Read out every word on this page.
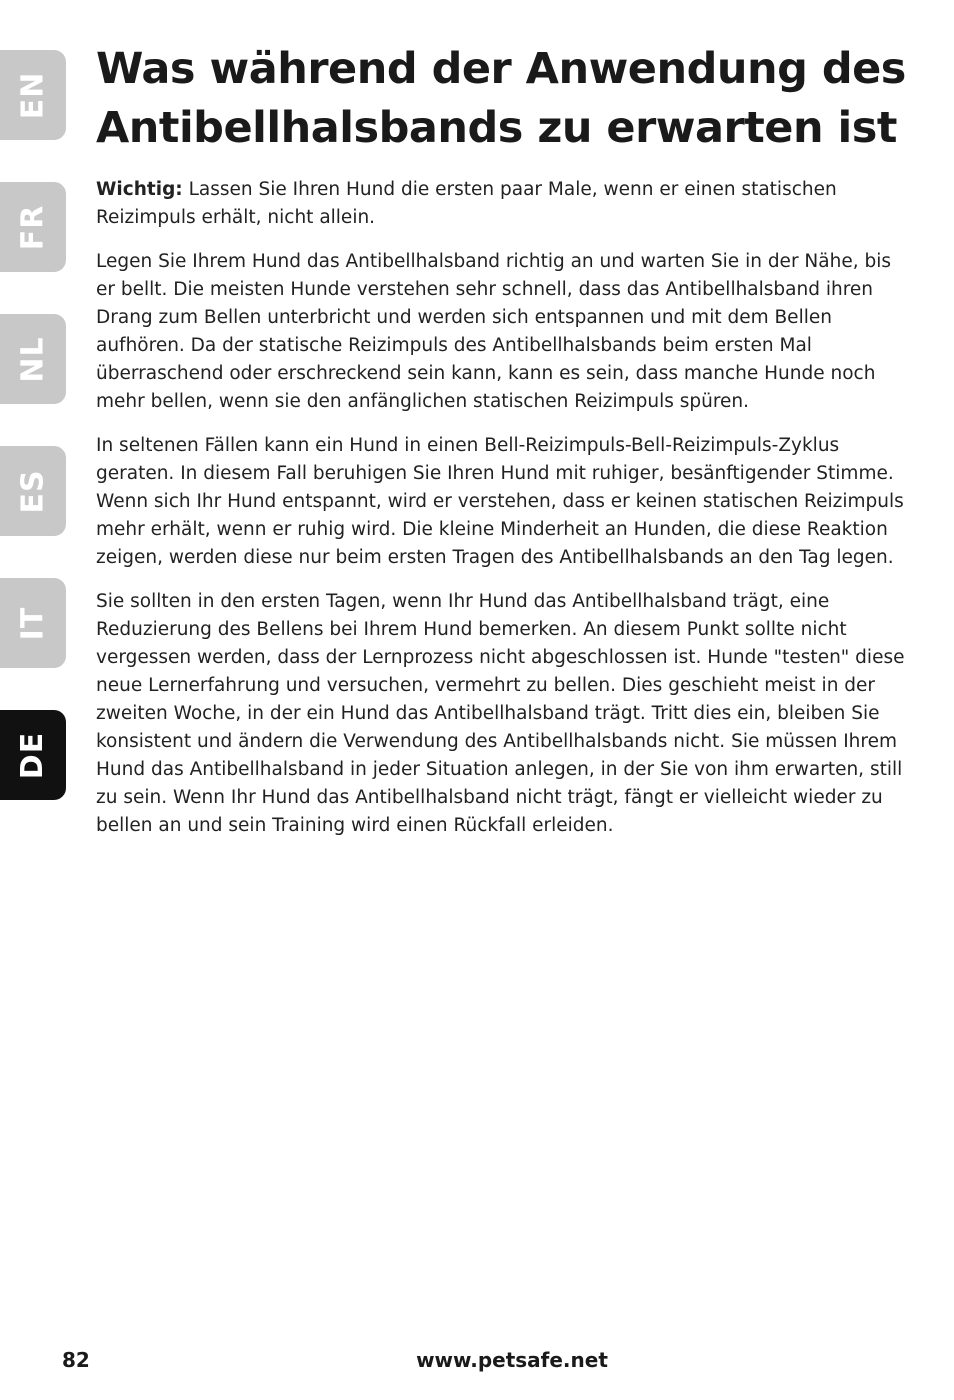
EN
FR
NL
ES
IT
DE
Was während der Anwendung des Antibellhalsbands zu erwarten ist

Wichtig: Lassen Sie Ihren Hund die ersten paar Male, wenn er einen statischen Reizimpuls erhält, nicht allein.

Legen Sie Ihrem Hund das Antibellhalsband richtig an und warten Sie in der Nähe, bis er bellt. Die meisten Hunde verstehen sehr schnell, dass das Antibellhalsband ihren Drang zum Bellen unterbricht und werden sich entspannen und mit dem Bellen aufhören. Da der statische Reizimpuls des Antibellhalsbands beim ersten Mal überraschend oder erschreckend sein kann, kann es sein, dass manche Hunde noch mehr bellen, wenn sie den anfänglichen statischen Reizimpuls spüren.

In seltenen Fällen kann ein Hund in einen Bell-Reizimpuls-Bell-Reizimpuls-Zyklus geraten. In diesem Fall beruhigen Sie Ihren Hund mit ruhiger, besänftigender Stimme. Wenn sich Ihr Hund entspannt, wird er verstehen, dass er keinen statischen Reizimpuls mehr erhält, wenn er ruhig wird. Die kleine Minderheit an Hunden, die diese Reaktion zeigen, werden diese nur beim ersten Tragen des Antibellhalsbands an den Tag legen.

Sie sollten in den ersten Tagen, wenn Ihr Hund das Antibellhalsband trägt, eine Reduzierung des Bellens bei Ihrem Hund bemerken. An diesem Punkt sollte nicht vergessen werden, dass der Lernprozess nicht abgeschlossen ist. Hunde "testen" diese neue Lernerfahrung und versuchen, vermehrt zu bellen. Dies geschieht meist in der zweiten Woche, in der ein Hund das Antibellhalsband trägt. Tritt dies ein, bleiben Sie konsistent und ändern die Verwendung des Antibellhalsbands nicht. Sie müssen Ihrem Hund das Antibellhalsband in jeder Situation anlegen, in der Sie von ihm erwarten, still zu sein. Wenn Ihr Hund das Antibellhalsband nicht trägt, fängt er vielleicht wieder zu bellen an und sein Training wird einen Rückfall erleiden.

82	www.petsafe.net
